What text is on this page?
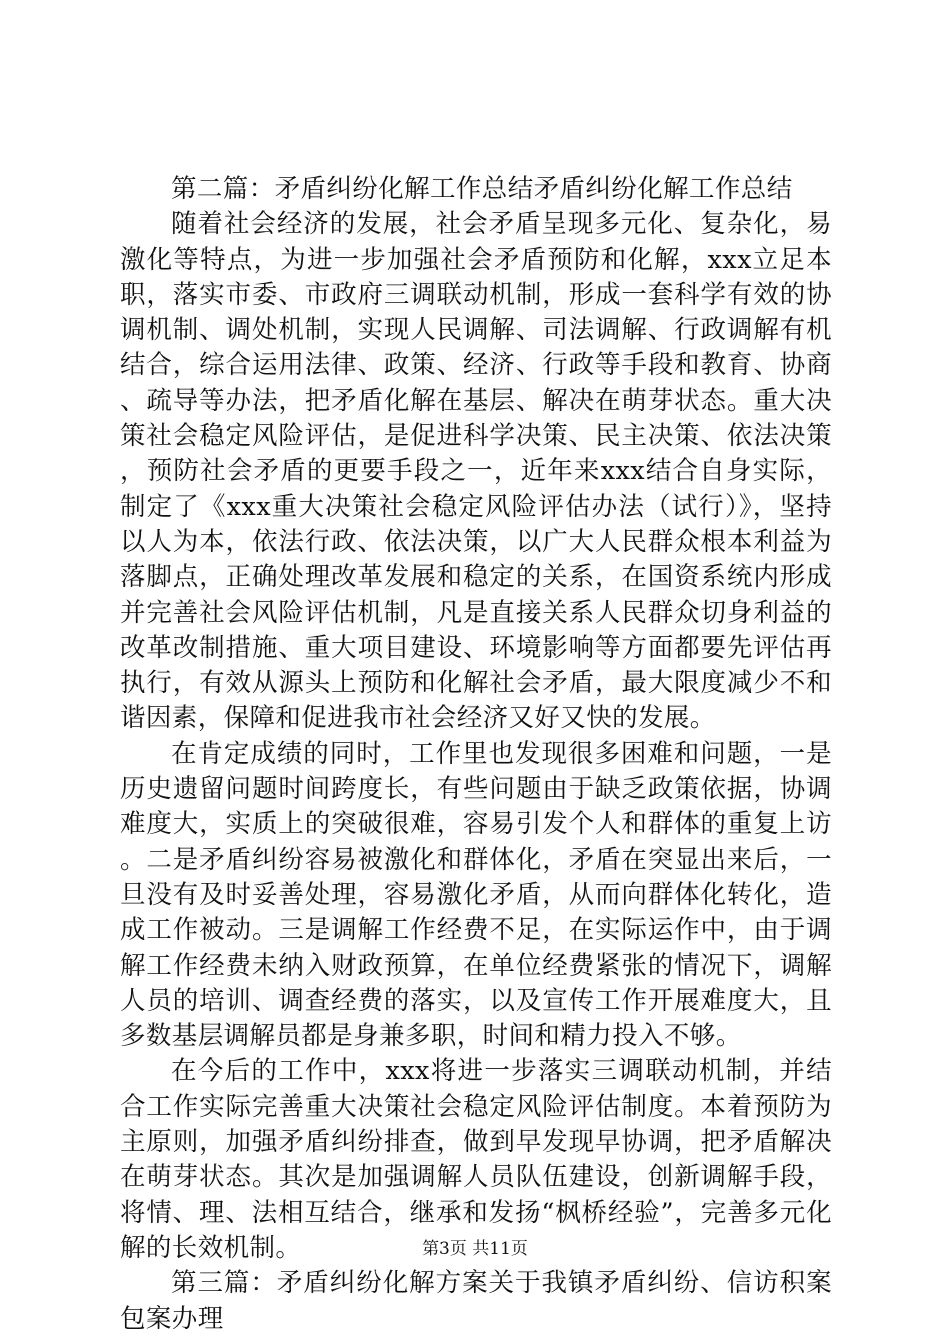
第二篇：矛盾纠纷化解工作总结矛盾纠纷化解工作总结

随着社会经济的发展，社会矛盾呈现多元化、复杂化，易激化等特点，为进一步加强社会矛盾预防和化解，xxx立足本职，落实市委、市政府三调联动机制，形成一套科学有效的协调机制、调处机制，实现人民调解、司法调解、行政调解有机结合，综合运用法律、政策、经济、行政等手段和教育、协商、疏导等办法，把矛盾化解在基层、解决在萌芽状态。重大决策社会稳定风险评估，是促进科学决策、民主决策、依法决策，预防社会矛盾的更要手段之一，近年来xxx结合自身实际，制定了《xxx重大决策社会稳定风险评估办法（试行）》，坚持以人为本，依法行政、依法决策，以广大人民群众根本利益为落脚点，正确处理改革发展和稳定的关系，在国资系统内形成并完善社会风险评估机制，凡是直接关系人民群众切身利益的改革改制措施、重大项目建设、环境影响等方面都要先评估再执行，有效从源头上预防和化解社会矛盾，最大限度减少不和谐因素，保障和促进我市社会经济又好又快的发展。

在肯定成绩的同时，工作里也发现很多困难和问题，一是历史遗留问题时间跨度长，有些问题由于缺乏政策依据，协调难度大，实质上的突破很难，容易引发个人和群体的重复上访。二是矛盾纠纷容易被激化和群体化，矛盾在突显出来后，一旦没有及时妥善处理，容易激化矛盾，从而向群体化转化，造成工作被动。三是调解工作经费不足，在实际运作中，由于调解工作经费未纳入财政预算，在单位经费紧张的情况下，调解人员的培训、调查经费的落实，以及宣传工作开展难度大，且多数基层调解员都是身兼多职，时间和精力投入不够。

在今后的工作中，xxx将进一步落实三调联动机制，并结合工作实际完善重大决策社会稳定风险评估制度。本着预防为主原则，加强矛盾纠纷排查，做到早发现早协调，把矛盾解决在萌芽状态。其次是加强调解人员队伍建设，创新调解手段，将情、理、法相互结合，继承和发扬“枫桥经验”，完善多元化解的长效机制。

第三篇：矛盾纠纷化解方案关于我镇矛盾纠纷、信访积案包案办理

第3页 共11页
